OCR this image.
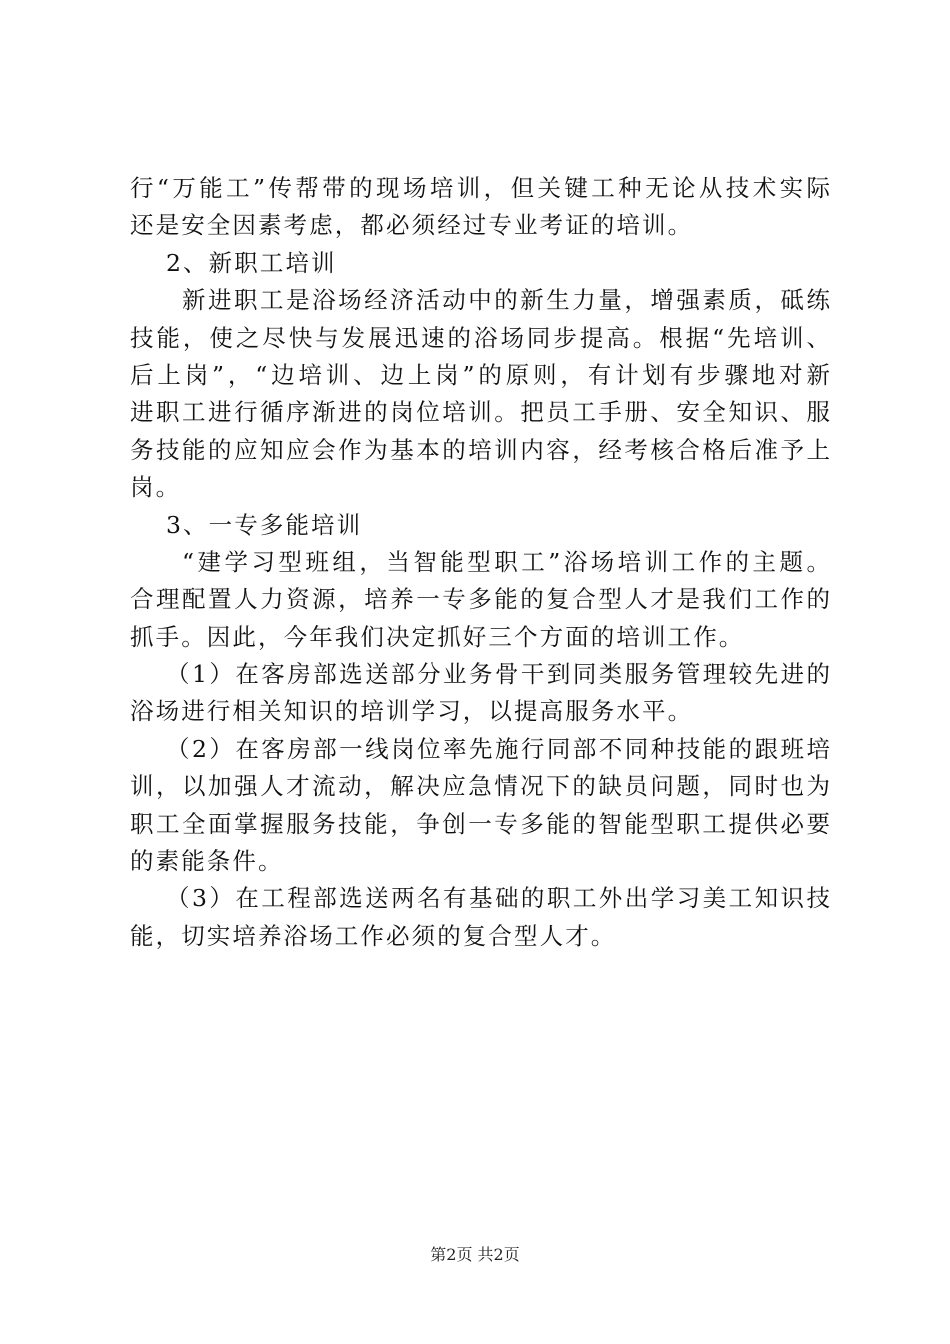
行“万能工”传帮带的现场培训，但关键工种无论从技术实际
还是安全因素考虑，都必须经过专业考证的培训。
2、新职工培训
新进职工是浴场经济活动中的新生力量，增强素质，砥练
技能，使之尽快与发展迅速的浴场同步提高。根据“先培训、
后上岗”，“边培训、边上岗”的原则，有计划有步骤地对新
进职工进行循序渐进的岗位培训。把员工手册、安全知识、服
务技能的应知应会作为基本的培训内容，经考核合格后准予上
岗。
3、一专多能培训
“建学习型班组，当智能型职工”浴场培训工作的主题。
合理配置人力资源，培养一专多能的复合型人才是我们工作的
抓手。因此，今年我们决定抓好三个方面的培训工作。
（1）在客房部选送部分业务骨干到同类服务管理较先进的
浴场进行相关知识的培训学习，以提高服务水平。
（2）在客房部一线岗位率先施行同部不同种技能的跟班培
训，以加强人才流动，解决应急情况下的缺员问题，同时也为
职工全面掌握服务技能，争创一专多能的智能型职工提供必要
的素能条件。
（3）在工程部选送两名有基础的职工外出学习美工知识技
能，切实培养浴场工作必须的复合型人才。
第2页 共2页
